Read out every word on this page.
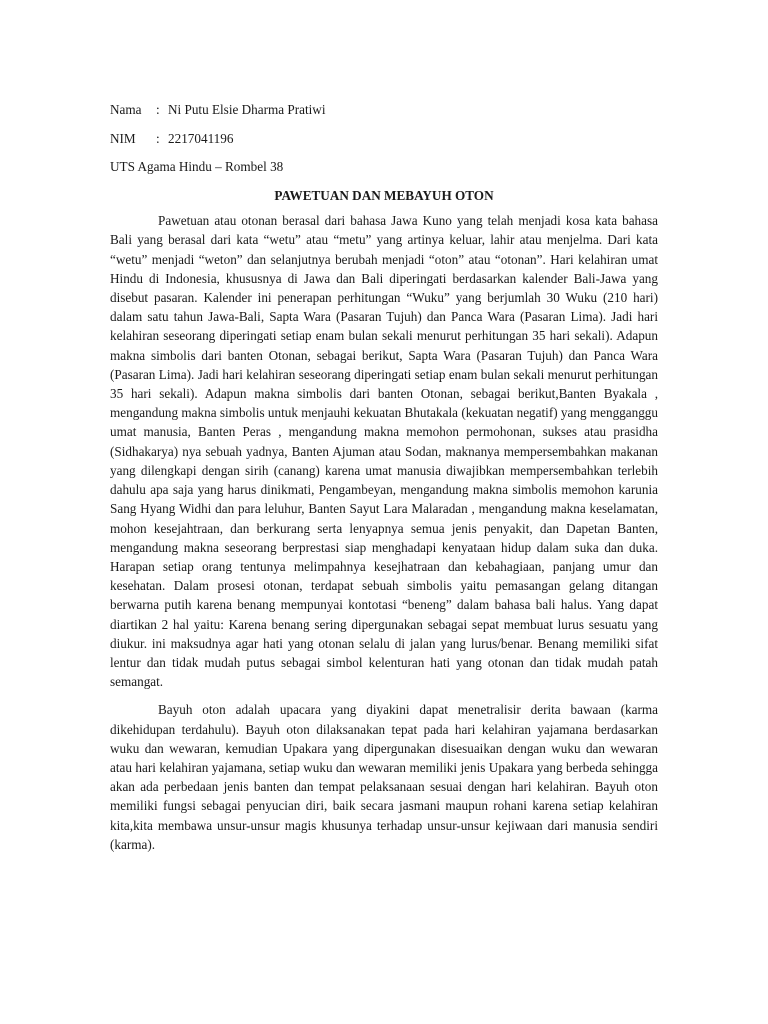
Nama : Ni Putu Elsie Dharma Pratiwi
NIM : 2217041196
UTS Agama Hindu – Rombel 38
PAWETUAN DAN MEBAYUH OTON

Pawetuan atau otonan berasal dari bahasa Jawa Kuno yang telah menjadi kosa kata bahasa Bali yang berasal dari kata “wetu” atau “metu” yang artinya keluar, lahir atau menjelma. Dari kata “wetu” menjadi “weton” dan selanjutnya berubah menjadi “oton” atau “otonan”. Hari kelahiran umat Hindu di Indonesia, khususnya di Jawa dan Bali diperingati berdasarkan kalender Bali-Jawa yang disebut pasaran. Kalender ini penerapan perhitungan “Wuku” yang berjumlah 30 Wuku (210 hari) dalam satu tahun Jawa-Bali, Sapta Wara (Pasaran Tujuh) dan Panca Wara (Pasaran Lima). Jadi hari kelahiran seseorang diperingati setiap enam bulan sekali menurut perhitungan 35 hari sekali). Adapun makna simbolis dari banten Otonan, sebagai berikut, Sapta Wara (Pasaran Tujuh) dan Panca Wara (Pasaran Lima). Jadi hari kelahiran seseorang diperingati setiap enam bulan sekali menurut perhitungan 35 hari sekali). Adapun makna simbolis dari banten Otonan, sebagai berikut,Banten Byakala , mengandung makna simbolis untuk menjauhi kekuatan Bhutakala (kekuatan negatif) yang mengganggu umat manusia, Banten Peras , mengandung makna memohon permohonan, sukses atau prasidha (Sidhakarya) nya sebuah yadnya, Banten Ajuman atau Sodan, maknanya mempersembahkan makanan yang dilengkapi dengan sirih (canang) karena umat manusia diwajibkan mempersembahkan terlebih dahulu apa saja yang harus dinikmati, Pengambeyan, mengandung makna simbolis memohon karunia Sang Hyang Widhi dan para leluhur, Banten Sayut Lara Malaradan , mengandung makna keselamatan, mohon kesejahtraan, dan berkurang serta lenyapnya semua jenis penyakit, dan Dapetan Banten, mengandung makna seseorang berprestasi siap menghadapi kenyataan hidup dalam suka dan duka. Harapan setiap orang tentunya melimpahnya kesejhatraan dan kebahagiaan, panjang umur dan kesehatan. Dalam prosesi otonan, terdapat sebuah simbolis yaitu pemasangan gelang ditangan berwarna putih karena benang mempunyai kontotasi “beneng” dalam bahasa bali halus. Yang dapat diartikan 2 hal yaitu: Karena benang sering dipergunakan sebagai sepat membuat lurus sesuatu yang diukur. ini maksudnya agar hati yang otonan selalu di jalan yang lurus/benar. Benang memiliki sifat lentur dan tidak mudah putus sebagai simbol kelenturan hati yang otonan dan tidak mudah patah semangat.

Bayuh oton adalah upacara yang diyakini dapat menetralisir derita bawaan (karma dikehidupan terdahulu). Bayuh oton dilaksanakan tepat pada hari kelahiran yajamana berdasarkan wuku dan wewaran, kemudian Upakara yang dipergunakan disesuaikan dengan wuku dan wewaran atau hari kelahiran yajamana, setiap wuku dan wewaran memiliki jenis Upakara yang berbeda sehingga akan ada perbedaan jenis banten dan tempat pelaksanaan sesuai dengan hari kelahiran. Bayuh oton memiliki fungsi sebagai penyucian diri, baik secara jasmani maupun rohani karena setiap kelahiran kita,kita membawa unsur-unsur magis khusunya terhadap unsur-unsur kejiwaan dari manusia sendiri (karma).
